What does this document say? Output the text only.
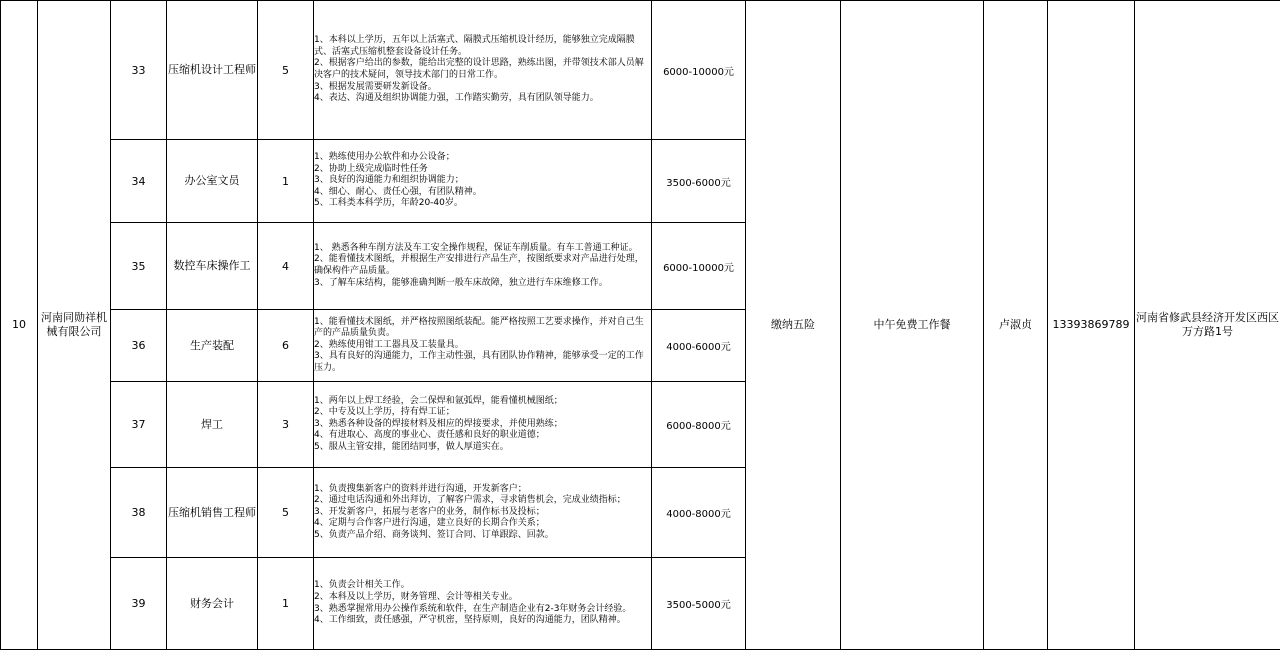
10	河南同勋祥机械有限公司	33	压缩机设计工程师	5	1、本科以上学历，五年以上活塞式、隔膜式压缩机设计经历，能够独立完成隔膜式、活塞式压缩机整套设备设计任务。
2、根据客户给出的参数，能给出完整的设计思路，熟练出图，并带领技术部人员解决客户的技术疑问，领导技术部门的日常工作。
3、根据发展需要研发新设备。
4、表达、沟通及组织协调能力强，工作踏实勤劳，具有团队领导能力。	6000-10000元	缴纳五险	中午免费工作餐	卢淑贞	13393869789	河南省修武县经济开发区西区万方路1号
		34	办公室文员	1	1、熟练使用办公软件和办公设备；
2、协助上级完成临时性任务
3、良好的沟通能力和组织协调能力；
4、细心、耐心、责任心强，有团队精神。
5、工科类本科学历，年龄20-40岁。	3500-6000元					
		35	数控车床操作工	4	1、 熟悉各种车削方法及车工安全操作规程，保证车削质量。有车工普通工种证。
2、能看懂技术图纸，并根据生产安排进行产品生产，按图纸要求对产品进行处理，确保构件产品质量。
3、了解车床结构，能够准确判断一般车床故障，独立进行车床维修工作。	6000-10000元					
		36	生产装配	6	1、能看懂技术图纸，并严格按照图纸装配。能严格按照工艺要求操作，并对自己生产的产品质量负责。
2、熟练使用钳工工器具及工装量具。
3、具有良好的沟通能力，工作主动性强，具有团队协作精神，能够承受一定的工作压力。	4000-6000元					
		37	焊工	3	1、两年以上焊工经验，会二保焊和氩弧焊，能看懂机械图纸；
2、中专及以上学历，持有焊工证；
3、熟悉各种设备的焊接材料及相应的焊接要求，并使用熟练；
4、有进取心、高度的事业心、责任感和良好的职业道德；
5、服从主管安排，能团结同事，做人厚道实在。	6000-8000元					
		38	压缩机销售工程师	5	1、负责搜集新客户的资料并进行沟通，开发新客户；
2、通过电话沟通和外出拜访，了解客户需求，寻求销售机会，完成业绩指标；
3、开发新客户，拓展与老客户的业务，制作标书及投标；
4、定期与合作客户进行沟通，建立良好的长期合作关系；
5、负责产品介绍、商务谈判、签订合同、订单跟踪、回款。	4000-8000元					
		39	财务会计	1	1、负责会计相关工作。
2、本科及以上学历，财务管理、会计等相关专业。
3、熟悉掌握常用办公操作系统和软件，在生产制造企业有2-3年财务会计经验。
4、工作细致，责任感强，严守机密，坚持原则，良好的沟通能力，团队精神。	3500-5000元					
